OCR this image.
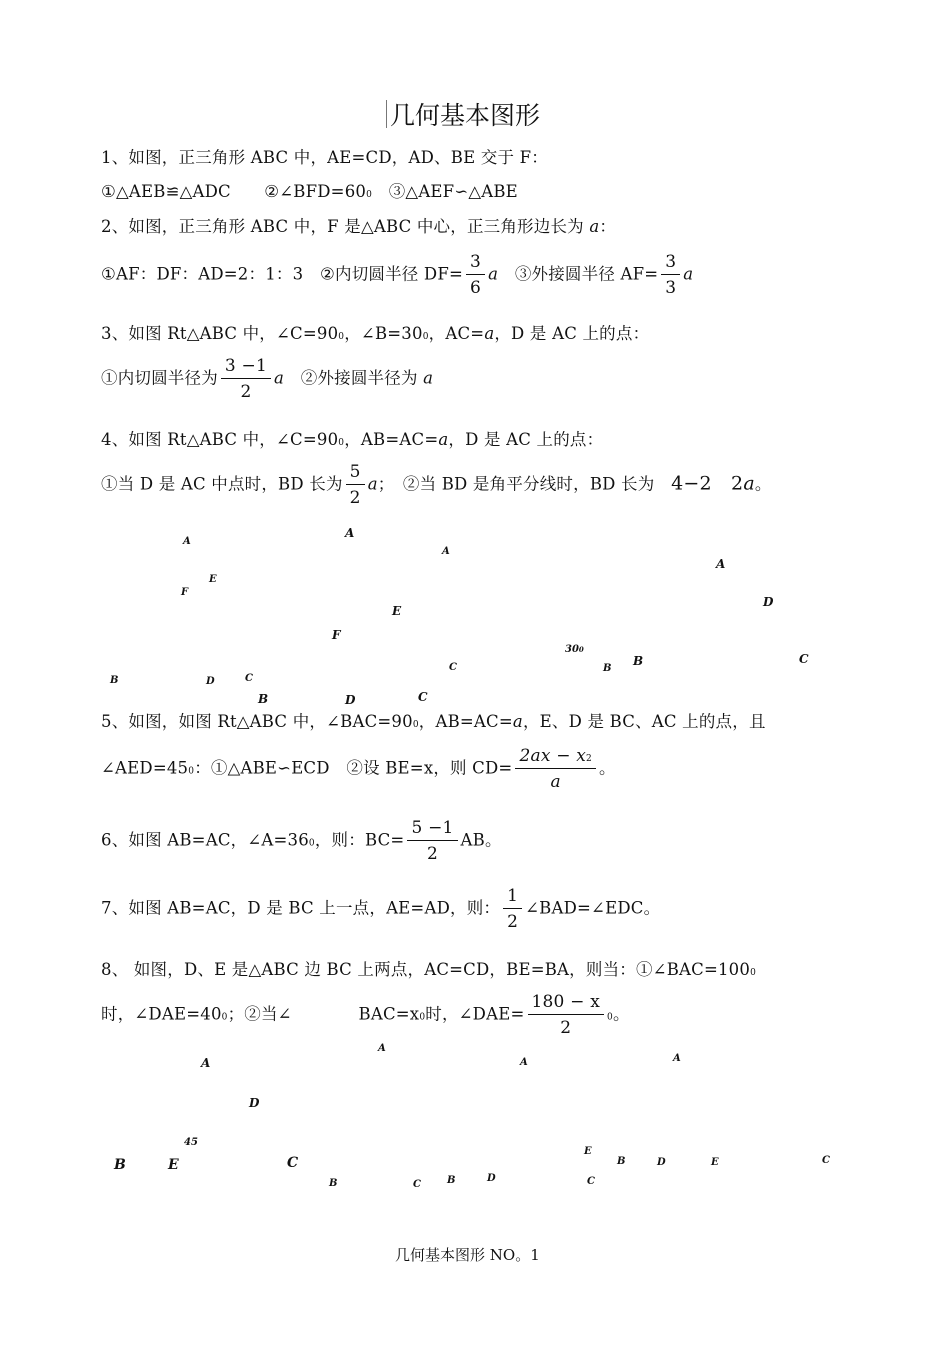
几何基本图形
1、如图，正三角形 ABC 中，AE=CD，AD、BE 交于 F：
①△AEB≌△ADC　　②∠BFD=600　③△AEF∽△ABE
2、如图，正三角形 ABC 中，F 是△ABC 中心，正三角形边长为 a：
①AF：DF：AD=2：1：3　②内切圆半径 $DF= \frac{3}{6}$ a　③外接圆半径 $AF= \frac{3}{3}$ a
3、如图 Rt△ABC 中，∠C=900，∠B=300，AC=a，D 是 AC 上的点：
①内切圆半径为 $\frac{3 -1}{2}$ a　②外接圆半径为 a
4、如图 Rt△ABC 中，∠C=900，AB=AC=a，D 是 AC 上的点：
①当 D 是 AC 中点时，BD 长为 $\frac{5}{2}$ a；　②当 BD 是角平分线时，BD 长为　4−2　2a。
A
F
E
B	D	C
A
E
F
B	D	C
A
C
300
B
A
D
B	C
5、如图，如图 Rt△ABC 中，∠BAC=900，AB=AC=a，E、D 是 BC、AC 上的点，且
∠AED=450：①△ABE∽ECD　②设 BE=x，则 $CD= \frac{2ax - x2}{a}$ 。
6、如图 AB=AC，∠A=360，则：$BC= \frac{5 -1}{2}$ AB。
7、如图 AB=AC，D 是 BC 上一点，AE=AD，则： $\frac{1}{2}$ ∠BAD=∠EDC。
8、 如图，D、E 是△ABC 边 BC 上两点，AC=CD，BE=BA，则当：①∠BAC=1000
时，∠DAE=400；②当∠　　　　BAC=x0时，∠DAE= $\frac{180 - x}{2} 0$。
A
D
45
B	E	C
A
B	C
A
B	D
E
C
A
B	D	E	C
几何基本图形 NO。1
